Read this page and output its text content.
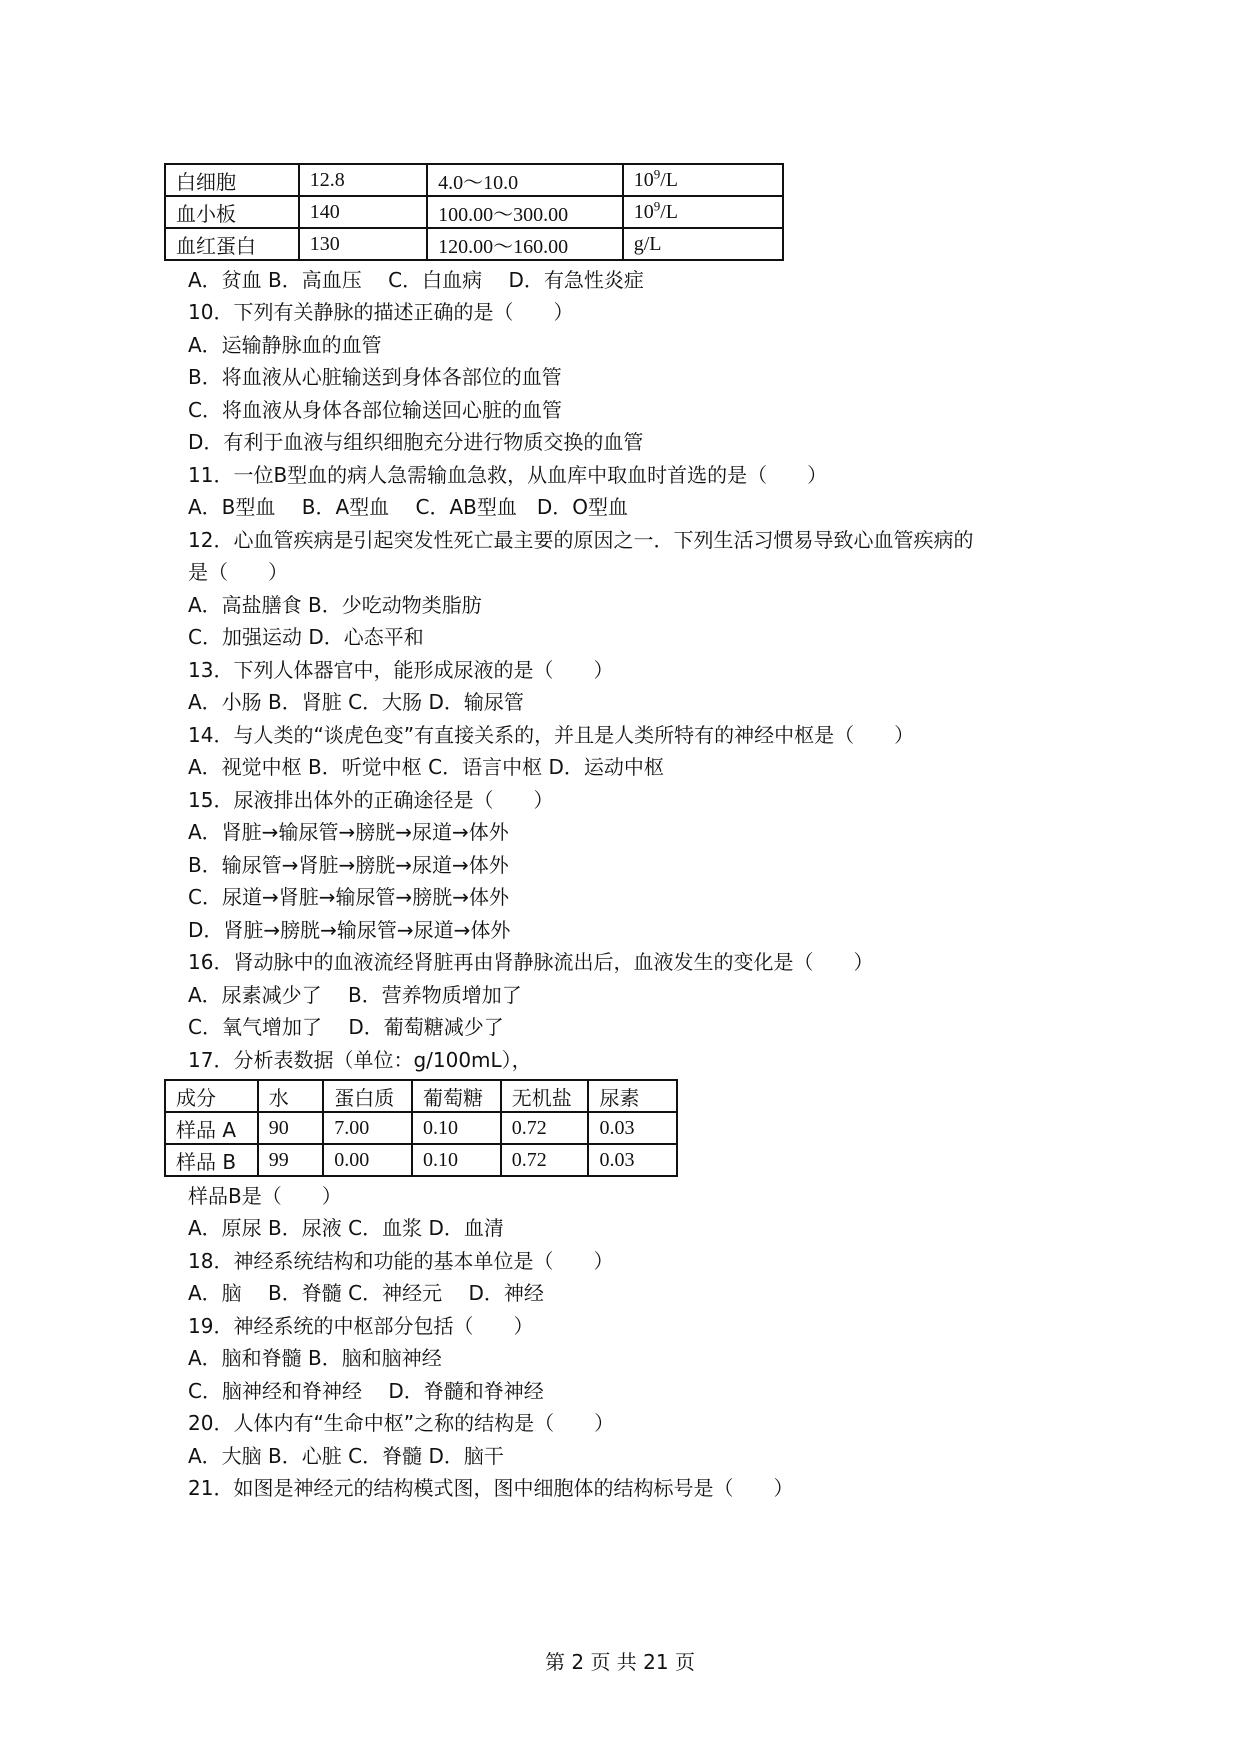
白细胞	12.8	4.0～10.0	$10^9/L$
血小板	140	100.00～300.00	$10^9/L$
血红蛋白	130	120.00～160.00	g/L
A．贫血 B．高血压　 C．白血病　 D．有急性炎症
10．下列有关静脉的描述正确的是（　　）
A．运输静脉血的血管
B．将血液从心脏输送到身体各部位的血管
C．将血液从身体各部位输送回心脏的血管
D．有利于血液与组织细胞充分进行物质交换的血管
11．一位B型血的病人急需输血急救，从血库中取血时首选的是（　　）
A．B型血　 B．A型血　 C．AB型血　D．O型血
12．心血管疾病是引起突发性死亡最主要的原因之一．下列生活习惯易导致心血管疾病的
是（　　）
A．高盐膳食 B．少吃动物类脂肪
C．加强运动 D．心态平和
13．下列人体器官中，能形成尿液的是（　　）
A．小肠 B．肾脏 C．大肠 D．输尿管
14．与人类的“谈虎色变”有直接关系的，并且是人类所特有的神经中枢是（　　）
A．视觉中枢 B．听觉中枢 C．语言中枢 D．运动中枢
15．尿液排出体外的正确途径是（　　）
A．肾脏→输尿管→膀胱→尿道→体外
B．输尿管→肾脏→膀胱→尿道→体外
C．尿道→肾脏→输尿管→膀胱→体外
D．肾脏→膀胱→输尿管→尿道→体外
16．肾动脉中的血液流经肾脏再由肾静脉流出后，血液发生的变化是（　　）
A．尿素减少了　 B．营养物质增加了
C．氧气增加了　 D．葡萄糖减少了
17．分析表数据（单位：g/100mL），
成分	水	蛋白质	葡萄糖	无机盐	尿素
样品 A	90	7.00	0.10	0.72	0.03
样品 B	99	0.00	0.10	0.72	0.03
样品B是（　　）
A．原尿 B．尿液 C．血浆 D．血清
18．神经系统结构和功能的基本单位是（　　）
A．脑　 B．脊髓 C．神经元　 D．神经
19．神经系统的中枢部分包括（　　）
A．脑和脊髓 B．脑和脑神经
C．脑神经和脊神经　 D．脊髓和脊神经
20．人体内有“生命中枢”之称的结构是（　　）
A．大脑 B．心脏 C．脊髓 D．脑干
21．如图是神经元的结构模式图，图中细胞体的结构标号是（　　）
第 2 页 共 21 页
